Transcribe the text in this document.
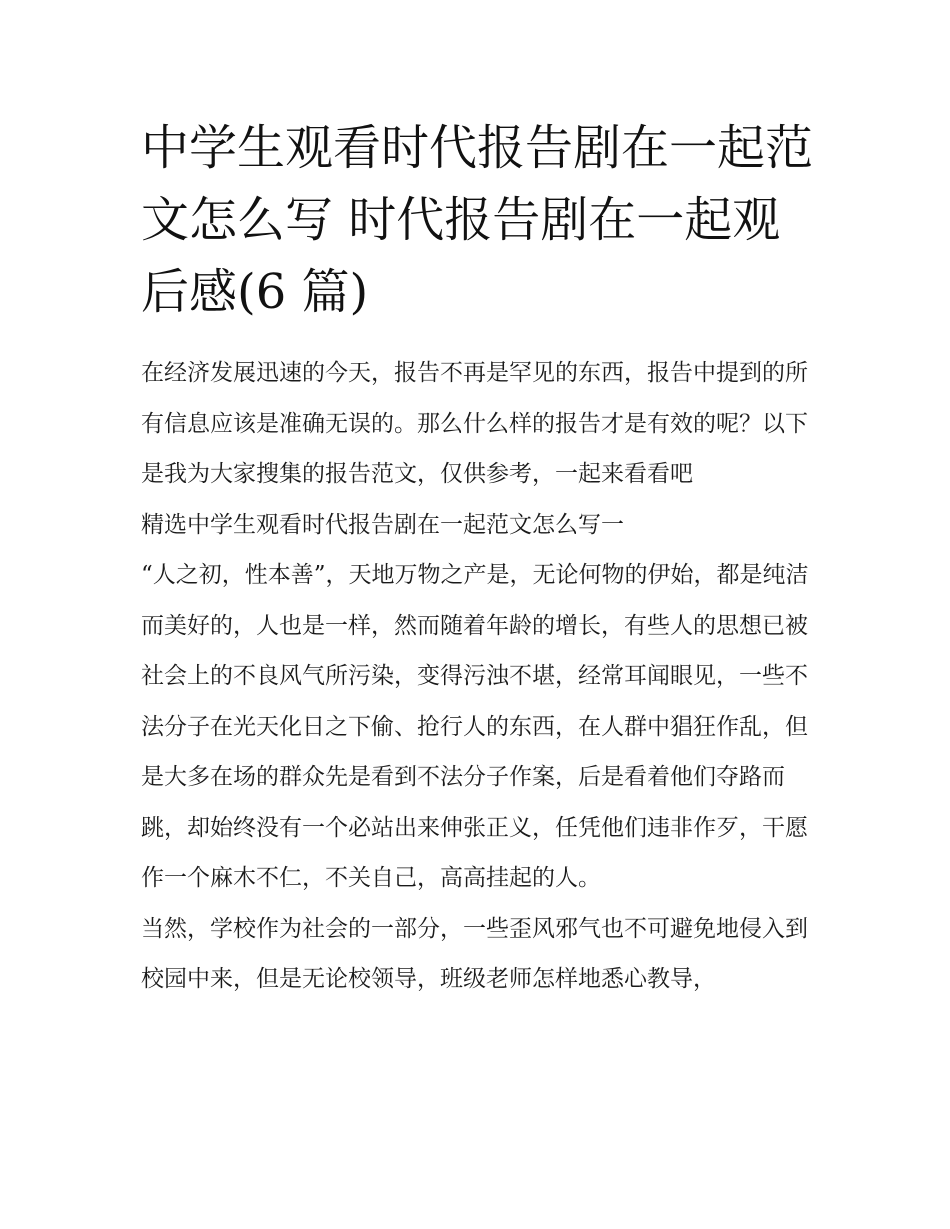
中学生观看时代报告剧在一起范文怎么写 时代报告剧在一起观后感(6 篇)

在经济发展迅速的今天，报告不再是罕见的东西，报告中提到的所有信息应该是准确无误的。那么什么样的报告才是有效的呢？以下是我为大家搜集的报告范文，仅供参考，一起来看看吧

精选中学生观看时代报告剧在一起范文怎么写一

“人之初，性本善”，天地万物之产是，无论何物的伊始，都是纯洁而美好的，人也是一样，然而随着年龄的增长，有些人的思想已被社会上的不良风气所污染，变得污浊不堪，经常耳闻眼见，一些不法分子在光天化日之下偷、抢行人的东西，在人群中猖狂作乱，但是大多在场的群众先是看到不法分子作案，后是看着他们夺路而跳，却始终没有一个必站出来伸张正义，任凭他们违非作歹，干愿作一个麻木不仁，不关自己，高高挂起的人。

当然，学校作为社会的一部分，一些歪风邪气也不可避免地侵入到校园中来，但是无论校领导，班级老师怎样地悉心教导，
